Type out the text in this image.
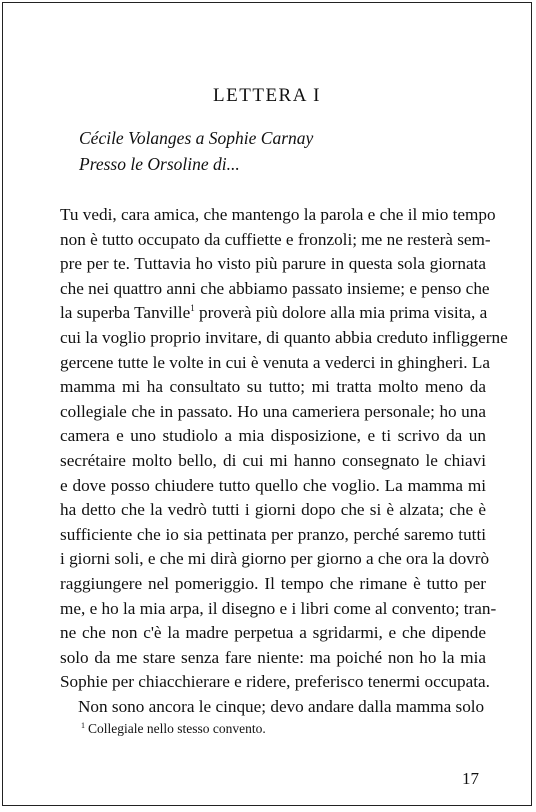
LETTERA I
Cécile Volanges a Sophie Carnay
Presso le Orsoline di...
Tu vedi, cara amica, che mantengo la parola e che il mio tempo
non è tutto occupato da cuffiette e fronzoli; me ne resterà sem-
pre per te. Tuttavia ho visto più parure in questa sola giornata
che nei quattro anni che abbiamo passato insieme; e penso che
la superba Tanville$^1$ proverà più dolore alla mia prima visita, a
cui la voglio proprio invitare, di quanto abbia creduto infliggerne
gercene tutte le volte in cui è venuta a vederci in ghingheri. La
mamma mi ha consultato su tutto; mi tratta molto meno da
collegiale che in passato. Ho una cameriera personale; ho una
camera e uno studiolo a mia disposizione, e ti scrivo da un
secrétaire molto bello, di cui mi hanno consegnato le chiavi
e dove posso chiudere tutto quello che voglio. La mamma mi
ha detto che la vedrò tutti i giorni dopo che si è alzata; che è
sufficiente che io sia pettinata per pranzo, perché saremo tutti
i giorni soli, e che mi dirà giorno per giorno a che ora la dovrò
raggiungere nel pomeriggio. Il tempo che rimane è tutto per
me, e ho la mia arpa, il disegno e i libri come al convento; tran-
ne che non c'è la madre perpetua a sgridarmi, e che dipende
solo da me stare senza fare niente: ma poiché non ho la mia
Sophie per chiacchierare e ridere, preferisco tenermi occupata.
Non sono ancora le cinque; devo andare dalla mamma solo
$^1$ Collegiale nello stesso convento.
17
